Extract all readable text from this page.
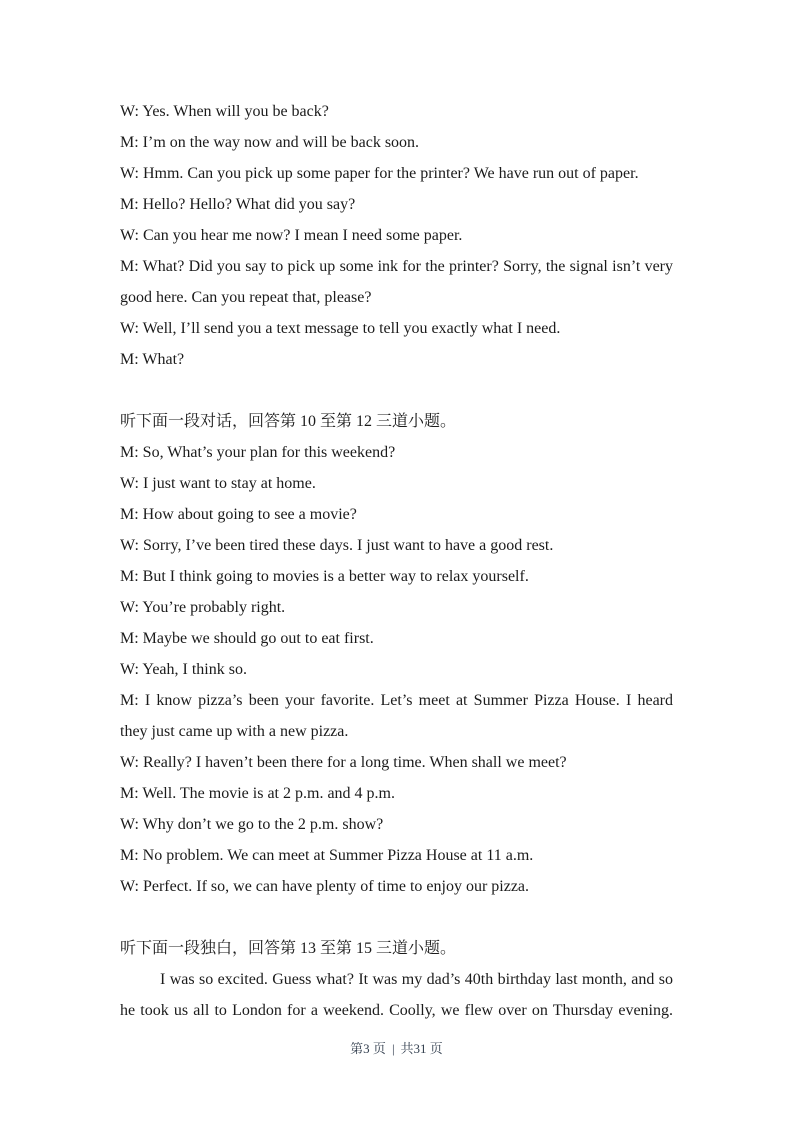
W: Yes. When will you be back?

M: I’m on the way now and will be back soon.

W: Hmm. Can you pick up some paper for the printer? We have run out of paper.

M: Hello? Hello? What did you say?

W: Can you hear me now? I mean I need some paper.

M: What? Did you say to pick up some ink for the printer? Sorry, the signal isn’t very good here. Can you repeat that, please?

W: Well, I’ll send you a text message to tell you exactly what I need.

M: What?

听下面一段对话，回答第 10 至第 12 三道小题。

M: So, What’s your plan for this weekend?

W: I just want to stay at home.

M: How about going to see a movie?

W: Sorry, I’ve been tired these days. I just want to have a good rest.

M: But I think going to movies is a better way to relax yourself.

W: You’re probably right.

M: Maybe we should go out to eat first.

W: Yeah, I think so.

M: I know pizza’s been your favorite. Let’s meet at Summer Pizza House. I heard they just came up with a new pizza.

W: Really? I haven’t been there for a long time. When shall we meet?

M: Well. The movie is at 2 p.m. and 4 p.m.

W: Why don’t we go to the 2 p.m. show?

M: No problem. We can meet at Summer Pizza House at 11 a.m.

W: Perfect. If so, we can have plenty of time to enjoy our pizza.

听下面一段独白，回答第 13 至第 15 三道小题。

I was so excited. Guess what? It was my dad’s 40th birthday last month, and so he took us all to London for a weekend. Coolly, we flew over on Thursday evening.

第3 页 | 共31 页
